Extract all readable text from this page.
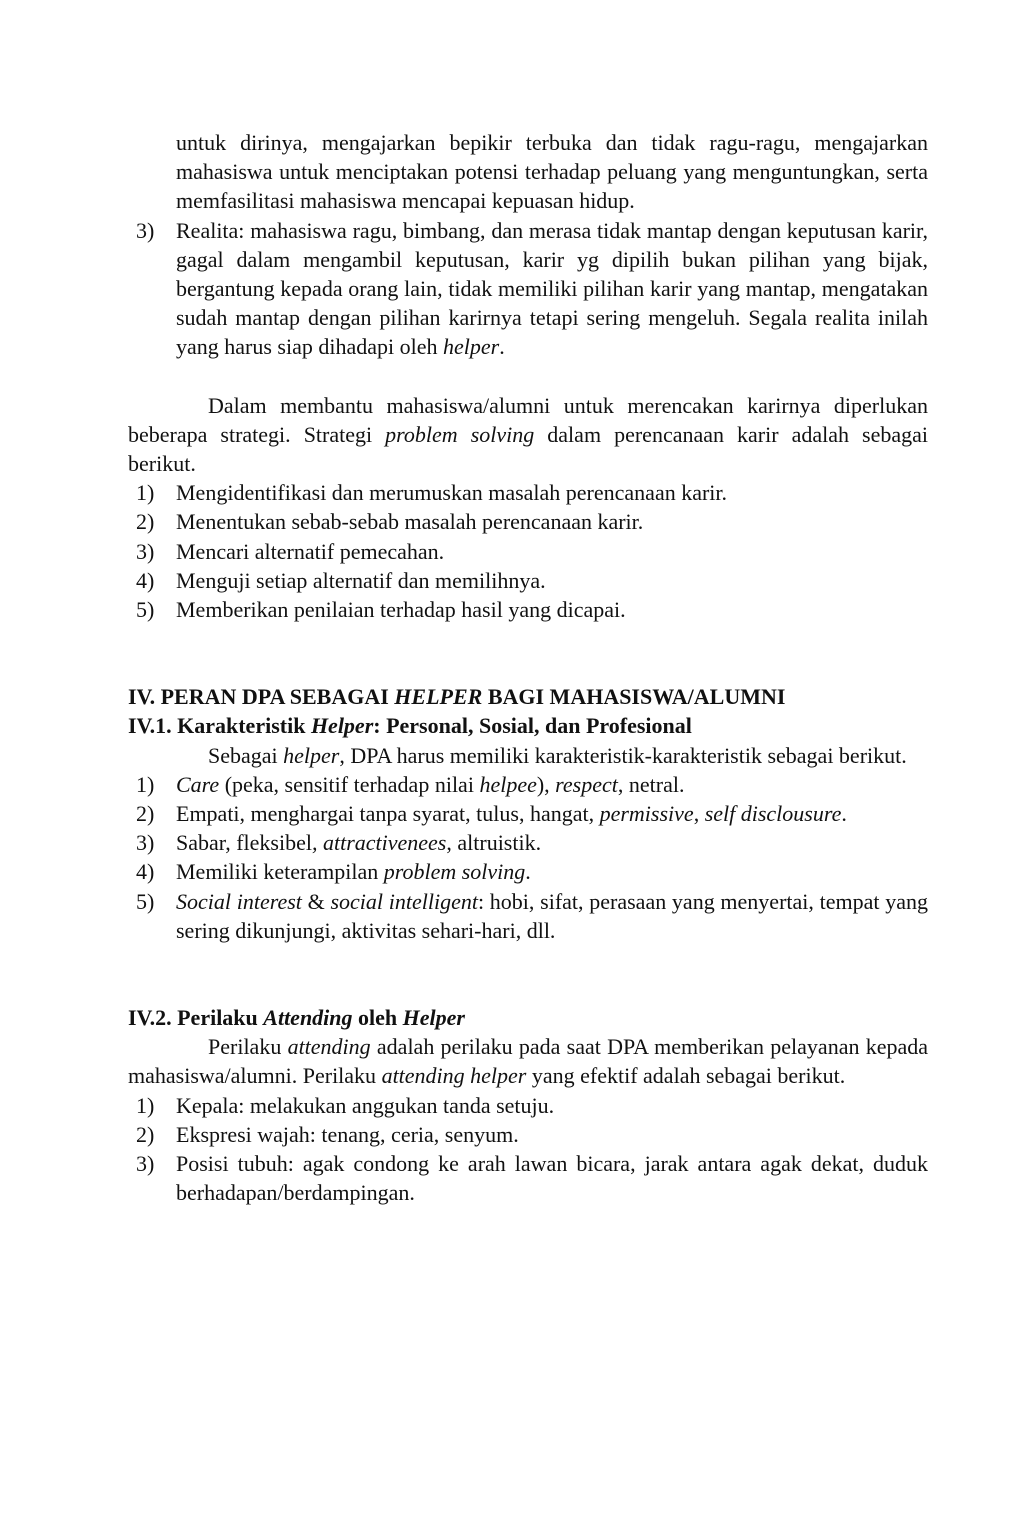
untuk dirinya, mengajarkan bepikir terbuka dan tidak ragu-ragu, mengajarkan mahasiswa untuk menciptakan potensi terhadap peluang yang menguntungkan, serta memfasilitasi mahasiswa mencapai kepuasan hidup.

3) Realita: mahasiswa ragu, bimbang, dan merasa tidak mantap dengan keputusan karir, gagal dalam mengambil keputusan, karir yg dipilih bukan pilihan yang bijak, bergantung kepada orang lain, tidak memiliki pilihan karir yang mantap, mengatakan sudah mantap dengan pilihan karirnya tetapi sering mengeluh. Segala realita inilah yang harus siap dihadapi oleh helper.

Dalam membantu mahasiswa/alumni untuk merencakan karirnya diperlukan beberapa strategi. Strategi problem solving dalam perencanaan karir adalah sebagai berikut.

1) Mengidentifikasi dan merumuskan masalah perencanaan karir.
2) Menentukan sebab-sebab masalah perencanaan karir.
3) Mencari alternatif pemecahan.
4) Menguji setiap alternatif dan memilihnya.
5) Memberikan penilaian terhadap hasil yang dicapai.
IV. PERAN DPA SEBAGAI HELPER BAGI MAHASISWA/ALUMNI
IV.1. Karakteristik Helper: Personal, Sosial, dan Profesional

Sebagai helper, DPA harus memiliki karakteristik-karakteristik sebagai berikut.

1) Care (peka, sensitif terhadap nilai helpee), respect, netral.
2) Empati, menghargai tanpa syarat, tulus, hangat, permissive, self disclousure.
3) Sabar, fleksibel, attractivenees, altruistik.
4) Memiliki keterampilan problem solving.
5) Social interest & social intelligent: hobi, sifat, perasaan yang menyertai, tempat yang sering dikunjungi, aktivitas sehari-hari, dll.
IV.2. Perilaku Attending oleh Helper

Perilaku attending adalah perilaku pada saat DPA memberikan pelayanan kepada mahasiswa/alumni. Perilaku attending helper yang efektif adalah sebagai berikut.

1) Kepala: melakukan anggukan tanda setuju.
2) Ekspresi wajah: tenang, ceria, senyum.
3) Posisi tubuh: agak condong ke arah lawan bicara, jarak antara agak dekat, duduk berhadapan/berdampingan.
